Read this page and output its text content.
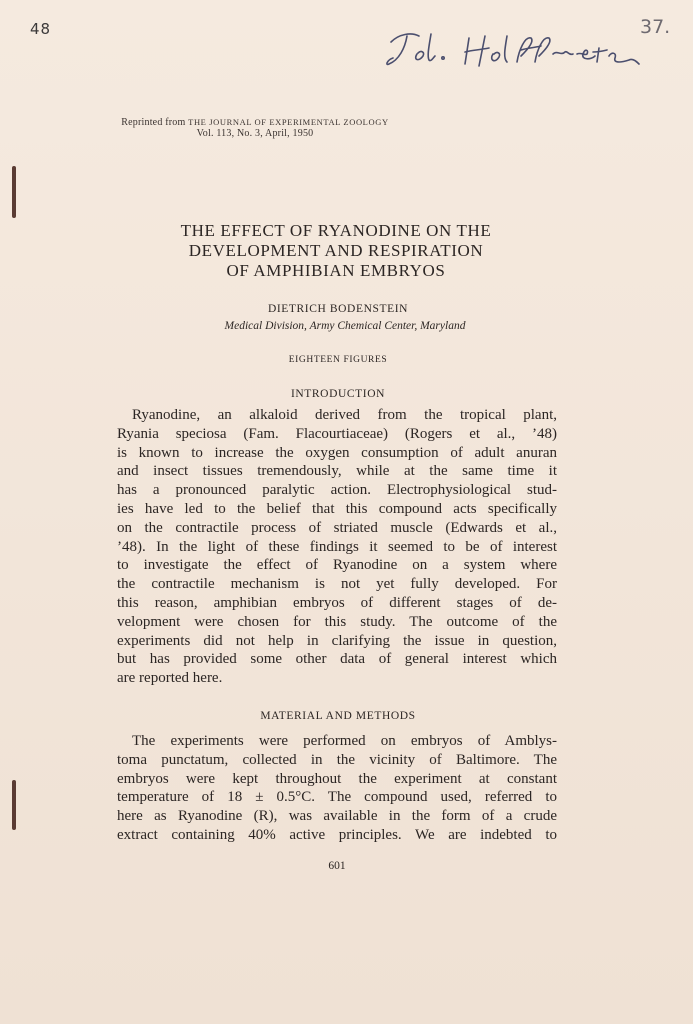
48	37.
Reprinted from THE JOURNAL OF EXPERIMENTAL ZOOLOGY
Vol. 113, No. 3, April, 1950
THE EFFECT OF RYANODINE ON THE
DEVELOPMENT AND RESPIRATION
OF AMPHIBIAN EMBRYOS
DIETRICH BODENSTEIN
Medical Division, Army Chemical Center, Maryland
EIGHTEEN FIGURES
INTRODUCTION

Ryanodine, an alkaloid derived from the tropical plant,
Ryania speciosa (Fam. Flacourtiaceae) (Rogers et al., ’48)
is known to increase the oxygen consumption of adult anuran
and insect tissues tremendously, while at the same time it
has a pronounced paralytic action. Electrophysiological stud-
ies have led to the belief that this compound acts specifically
on the contractile process of striated muscle (Edwards et al.,
’48). In the light of these findings it seemed to be of interest
to investigate the effect of Ryanodine on a system where
the contractile mechanism is not yet fully developed. For
this reason, amphibian embryos of different stages of de-
velopment were chosen for this study. The outcome of the
experiments did not help in clarifying the issue in question,
but has provided some other data of general interest which
are reported here.

MATERIAL AND METHODS

The experiments were performed on embryos of Amblys-
toma punctatum, collected in the vicinity of Baltimore. The
embryos were kept throughout the experiment at constant
temperature of 18 ± 0.5°C. The compound used, referred to
here as Ryanodine (R), was available in the form of a crude
extract containing 40% active principles. We are indebted to

601
